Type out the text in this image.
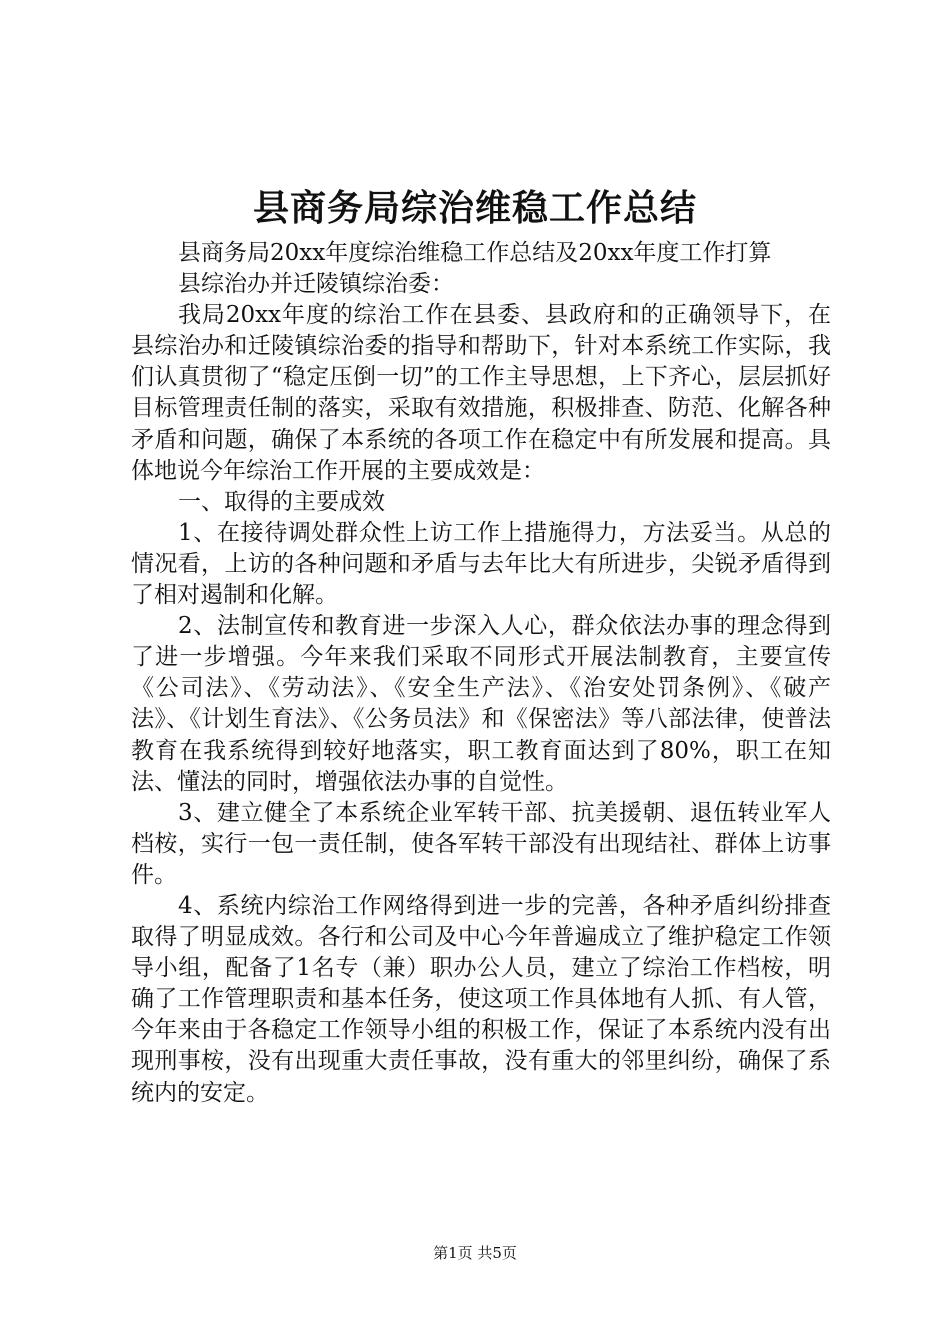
县商务局综治维稳工作总结

县商务局20xx年度综治维稳工作总结及20xx年度工作打算

县综治办并迁陵镇综治委：

我局20xx年度的综治工作在县委、县政府和的正确领导下，在县综治办和迁陵镇综治委的指导和帮助下，针对本系统工作实际，我们认真贯彻了“稳定压倒一切”的工作主导思想，上下齐心，层层抓好目标管理责任制的落实，采取有效措施，积极排查、防范、化解各种矛盾和问题，确保了本系统的各项工作在稳定中有所发展和提高。具体地说今年综治工作开展的主要成效是：

一、取得的主要成效

1、在接待调处群众性上访工作上措施得力，方法妥当。从总的情况看，上访的各种问题和矛盾与去年比大有所进步，尖锐矛盾得到了相对遏制和化解。

2、法制宣传和教育进一步深入人心，群众依法办事的理念得到了进一步增强。今年来我们采取不同形式开展法制教育，主要宣传《公司法》、《劳动法》、《安全生产法》、《治安处罚条例》、《破产法》、《计划生育法》、《公务员法》和《保密法》等八部法律，使普法教育在我系统得到较好地落实，职工教育面达到了80%，职工在知法、懂法的同时，增强依法办事的自觉性。

3、建立健全了本系统企业军转干部、抗美援朝、退伍转业军人档桉，实行一包一责任制，使各军转干部没有出现结社、群体上访事件。

4、系统内综治工作网络得到进一步的完善，各种矛盾纠纷排查取得了明显成效。各行和公司及中心今年普遍成立了维护稳定工作领导小组，配备了1名专（兼）职办公人员，建立了综治工作档桉，明确了工作管理职责和基本任务，使这项工作具体地有人抓、有人管，今年来由于各稳定工作领导小组的积极工作，保证了本系统内没有出现刑事桉，没有出现重大责任事故，没有重大的邻里纠纷，确保了系统内的安定。

第1页 共5页
